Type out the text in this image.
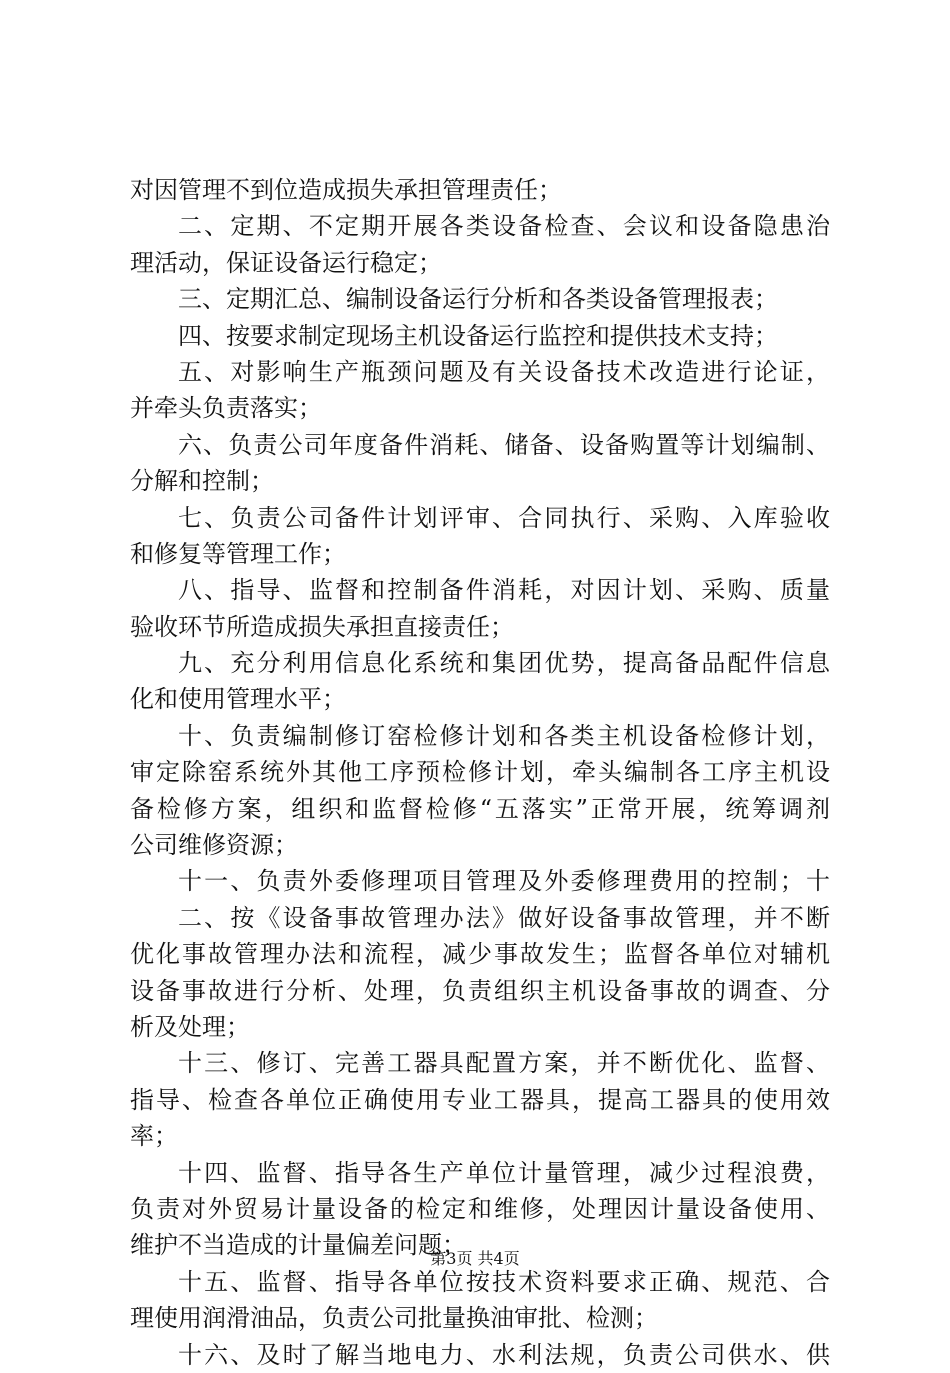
对因管理不到位造成损失承担管理责任；
二、定期、不定期开展各类设备检查、会议和设备隐患治
理活动，保证设备运行稳定；
三、定期汇总、编制设备运行分析和各类设备管理报表；
四、按要求制定现场主机设备运行监控和提供技术支持；
五、对影响生产瓶颈问题及有关设备技术改造进行论证，
并牵头负责落实；
六、负责公司年度备件消耗、储备、设备购置等计划编制、
分解和控制；
七、负责公司备件计划评审、合同执行、采购、入库验收
和修复等管理工作；
八、指导、监督和控制备件消耗，对因计划、采购、质量
验收环节所造成损失承担直接责任；
九、充分利用信息化系统和集团优势，提高备品配件信息
化和使用管理水平；
十、负责编制修订窑检修计划和各类主机设备检修计划，
审定除窑系统外其他工序预检修计划，牵头编制各工序主机设
备检修方案，组织和监督检修“五落实”正常开展，统筹调剂
公司维修资源；
十一、负责外委修理项目管理及外委修理费用的控制；十
二、按《设备事故管理办法》做好设备事故管理，并不断
优化事故管理办法和流程，减少事故发生；监督各单位对辅机
设备事故进行分析、处理，负责组织主机设备事故的调查、分
析及处理；
十三、修订、完善工器具配置方案，并不断优化、监督、
指导、检查各单位正确使用专业工器具，提高工器具的使用效
率；
十四、监督、指导各生产单位计量管理，减少过程浪费，
负责对外贸易计量设备的检定和维修，处理因计量设备使用、
维护不当造成的计量偏差问题；
十五、监督、指导各单位按技术资料要求正确、规范、合
理使用润滑油品，负责公司批量换油审批、检测；
十六、及时了解当地电力、水利法规，负责公司供水、供
第3页 共4页
